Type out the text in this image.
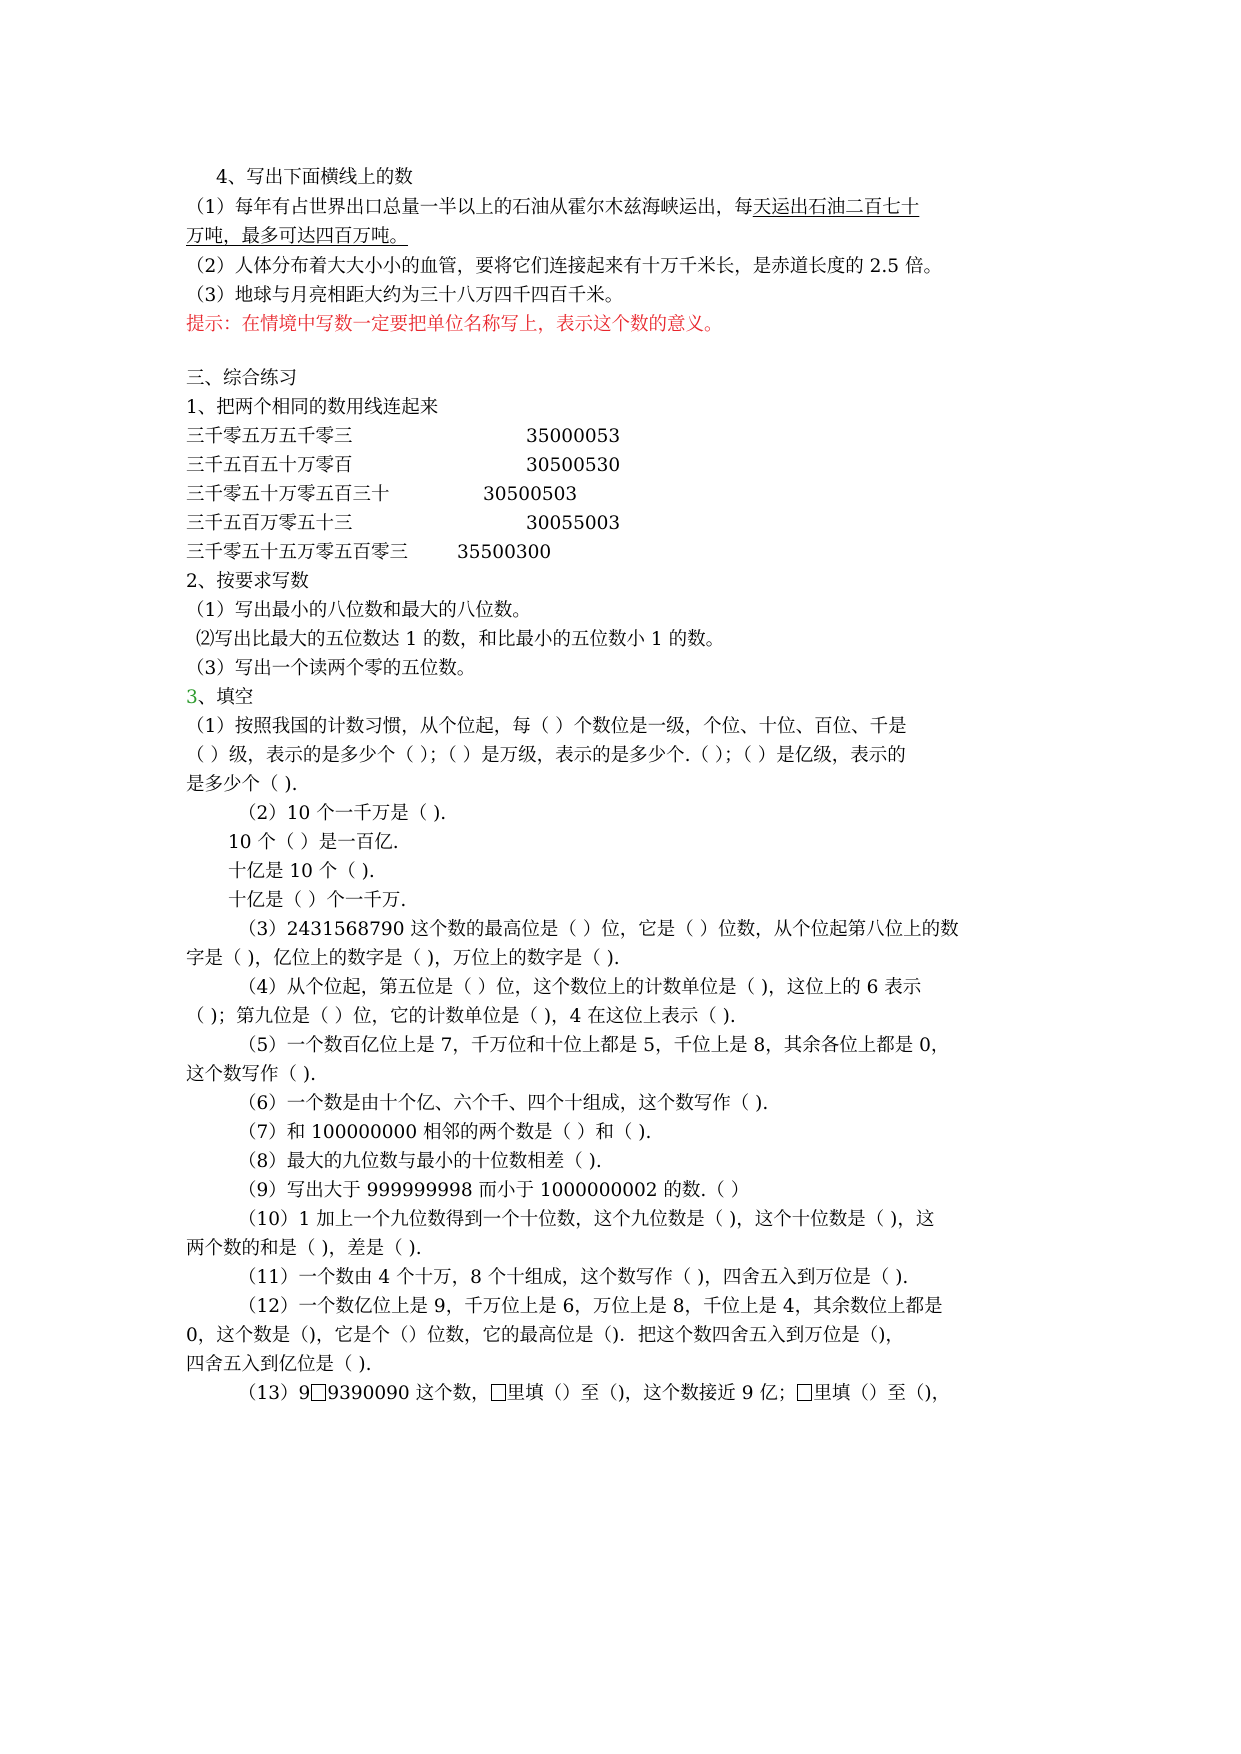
4、写出下面横线上的数
（1）每年有占世界出口总量一半以上的石油从霍尔木兹海峡运出，每天运出石油二百七十
万吨，最多可达四百万吨。
（2）人体分布着大大小小的血管，要将它们连接起来有十万千米长，是赤道长度的 2.5 倍。
（3）地球与月亮相距大约为三十八万四千四百千米。
提示：在情境中写数一定要把单位名称写上，表示这个数的意义。
三、综合练习
1、把两个相同的数用线连起来
三千零五万五千零三	35000053
三千五百五十万零百	30500530
三千零五十万零五百三十	30500503
三千五百万零五十三	30055003
三千零五十五万零五百零三	35500300
2、按要求写数
（1）写出最小的八位数和最大的八位数。
⑵写出比最大的五位数达 1 的数，和比最小的五位数小 1 的数。
（3）写出一个读两个零的五位数。
3、填空
（1）按照我国的计数习惯，从个位起，每（ ）个数位是一级，个位、十位、百位、千是
（ ）级，表示的是多少个（ ）；（ ）是万级，表示的是多少个.（ ）；（ ）是亿级，表示的
是多少个（ ).
（2）10 个一千万是（ ).
10 个（ ）是一百亿.
十亿是 10 个（ ).
十亿是（ ）个一千万.
（3）2431568790 这个数的最高位是（ ）位，它是（ ）位数，从个位起第八位上的数
字是（ )，亿位上的数字是（ )，万位上的数字是（ ).
（4）从个位起，第五位是（ ）位，这个数位上的计数单位是（ )，这位上的 6 表示
（ )；第九位是（ ）位，它的计数单位是（ )，4 在这位上表示（ ).
（5）一个数百亿位上是 7，千万位和十位上都是 5，千位上是 8，其余各位上都是 0，
这个数写作（ ).
（6）一个数是由十个亿、六个千、四个十组成，这个数写作（ ).
（7）和 100000000 相邻的两个数是（ ）和（ ).
（8）最大的九位数与最小的十位数相差（ ).
（9）写出大于 999999998 而小于 1000000002 的数.（ ）
（10）1 加上一个九位数得到一个十位数，这个九位数是（ )，这个十位数是（ )，这
两个数的和是（ )，差是（ ).
（11）一个数由 4 个十万，8 个十组成，这个数写作（ )，四舍五入到万位是（ ).
（12）一个数亿位上是 9，千万位上是 6，万位上是 8，千位上是 4，其余数位上都是
0，这个数是（)，它是个（）位数，它的最高位是（)．把这个数四舍五入到万位是（)，
四舍五入到亿位是（ ).
（13）9 9390090 这个数， 里填（）至（)，这个数接近 9 亿； 里填（）至（)，
